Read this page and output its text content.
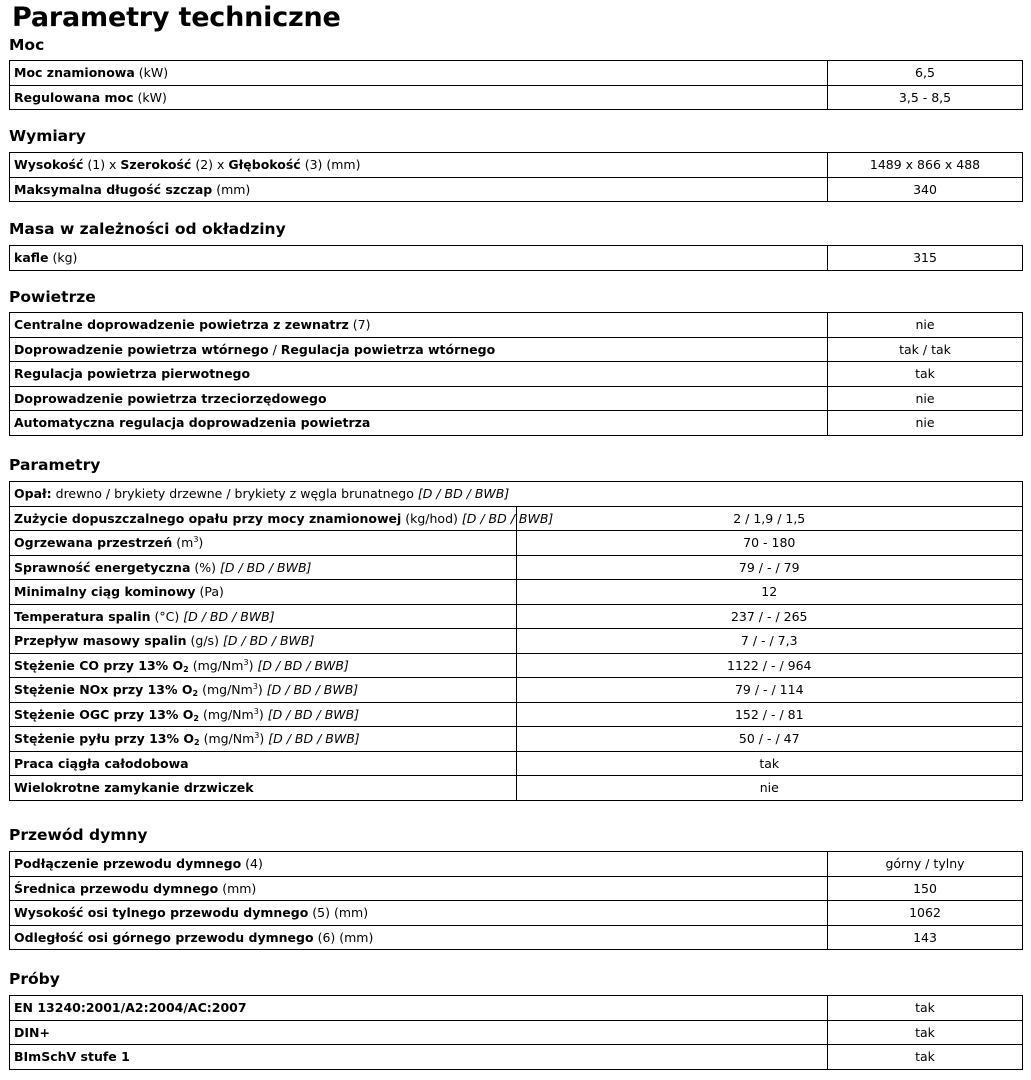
Parametry techniczne
Moc
Moc znamionowa (kW)	6,5
Regulowana moc (kW)	3,5 - 8,5
Wymiary
Wysokość (1) x Szerokość (2) x Głębokość (3) (mm)	1489 x 866 x 488
Maksymalna długość szczap (mm)	340
Masa w zależności od okładziny
kafle (kg)	315
Powietrze
Centralne doprowadzenie powietrza z zewnatrz (7)	nie
Doprowadzenie powietrza wtórnego / Regulacja powietrza wtórnego	tak / tak
Regulacja powietrza pierwotnego	tak
Doprowadzenie powietrza trzeciorzędowego	nie
Automatyczna regulacja doprowadzenia powietrza	nie
Parametry
Opał: drewno / brykiety drzewne / brykiety z węgla brunatnego [D / BD / BWB]	
Zużycie dopuszczalnego opału przy mocy znamionowej (kg/hod) [D / BD / BWB]	2 / 1,9 / 1,5
Ogrzewana przestrzeń $(m^3)$	70 - 180
Sprawność energetyczna (%) [D / BD / BWB]	79 / - / 79
Minimalny ciąg kominowy (Pa)	12
Temperatura spalin (°C) [D / BD / BWB]	237 / - / 265
Przepływ masowy spalin (g/s) [D / BD / BWB]	7 / - / 7,3
Stężenie CO przy 13% $O_2$ (mg/Nm$^3$) [D / BD / BWB]	1122 / - / 964
Stężenie NOx przy 13% $O_2$ (mg/Nm$^3$) [D / BD / BWB]	79 / - / 114
Stężenie OGC przy 13% $O_2$ (mg/Nm$^3$) [D / BD / BWB]	152 / - / 81
Stężenie pyłu przy 13% $O_2$ (mg/Nm$^3$) [D / BD / BWB]	50 / - / 47
Praca ciągła całodobowa	tak
Wielokrotne zamykanie drzwiczek	nie
Przewód dymny
Podłączenie przewodu dymnego (4)	górny / tylny
Średnica przewodu dymnego (mm)	150
Wysokość osi tylnego przewodu dymnego (5) (mm)	1062
Odległość osi górnego przewodu dymnego (6) (mm)	143
Próby
EN 13240:2001/A2:2004/AC:2007	tak
DIN+	tak
BImSchV stufe 1	tak
